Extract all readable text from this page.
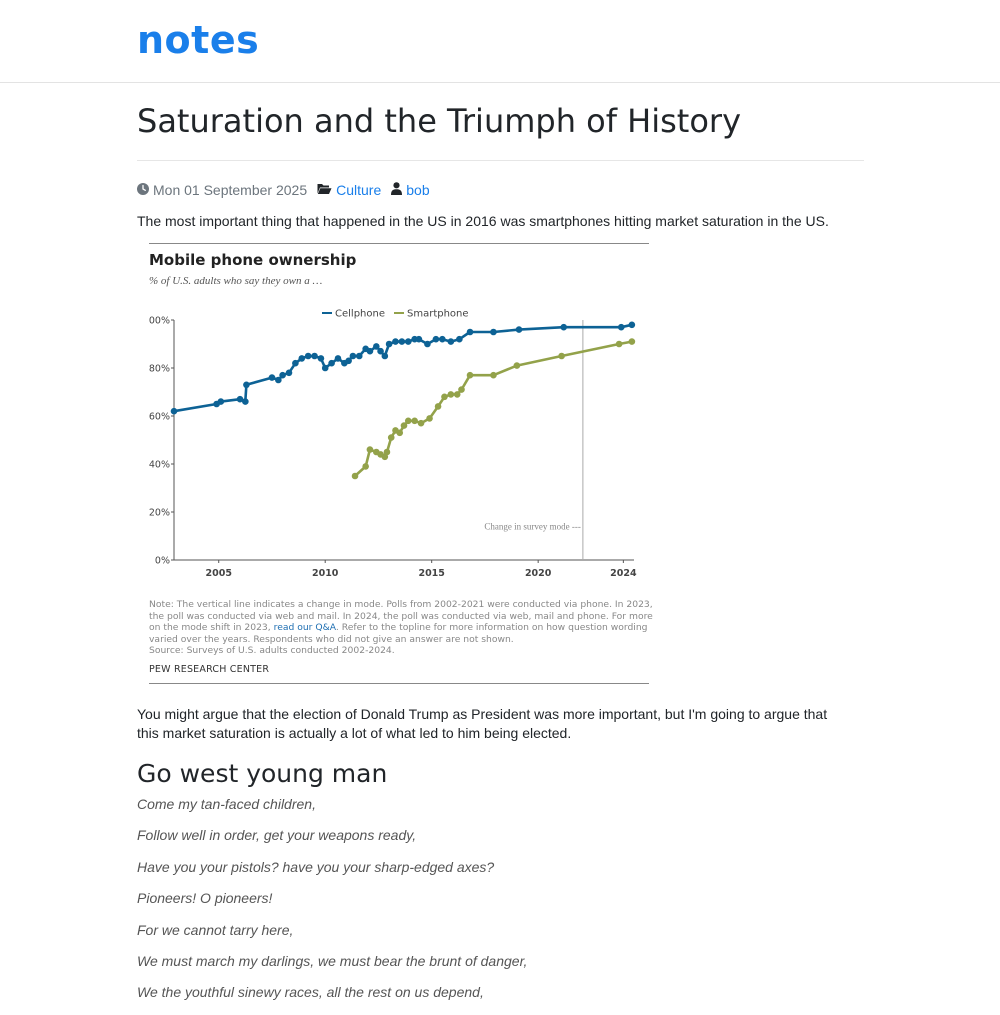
notes
Saturation and the Triumph of History
Mon 01 September 2025 Culture bob

The most important thing that happened in the US in 2016 was smartphones hitting market saturation in the US.

Mobile phone ownership
% of U.S. adults who say they own a …
0%
20%
40%
60%
80%
00%
2005	2010	2015	2020	2024
Change in survey mode ---
Cellphone Smartphone
Note: The vertical line indicates a change in mode. Polls from 2002-2021 were conducted via phone. In 2023, the poll was conducted via web and mail. In 2024, the poll was conducted via web, mail and phone. For more on the mode shift in 2023, read our Q&A. Refer to the topline for more information on how question wording varied over the years. Respondents who did not give an answer are not shown.
Source: Surveys of U.S. adults conducted 2002-2024.
PEW RESEARCH CENTER

You might argue that the election of Donald Trump as President was more important, but I'm going to argue that this market saturation is actually a lot of what led to him being elected.

Go west young man

Come my tan-faced children,

Follow well in order, get your weapons ready,

Have you your pistols? have you your sharp-edged axes?

Pioneers! O pioneers!

For we cannot tarry here,

We must march my darlings, we must bear the brunt of danger,

We the youthful sinewy races, all the rest on us depend,
